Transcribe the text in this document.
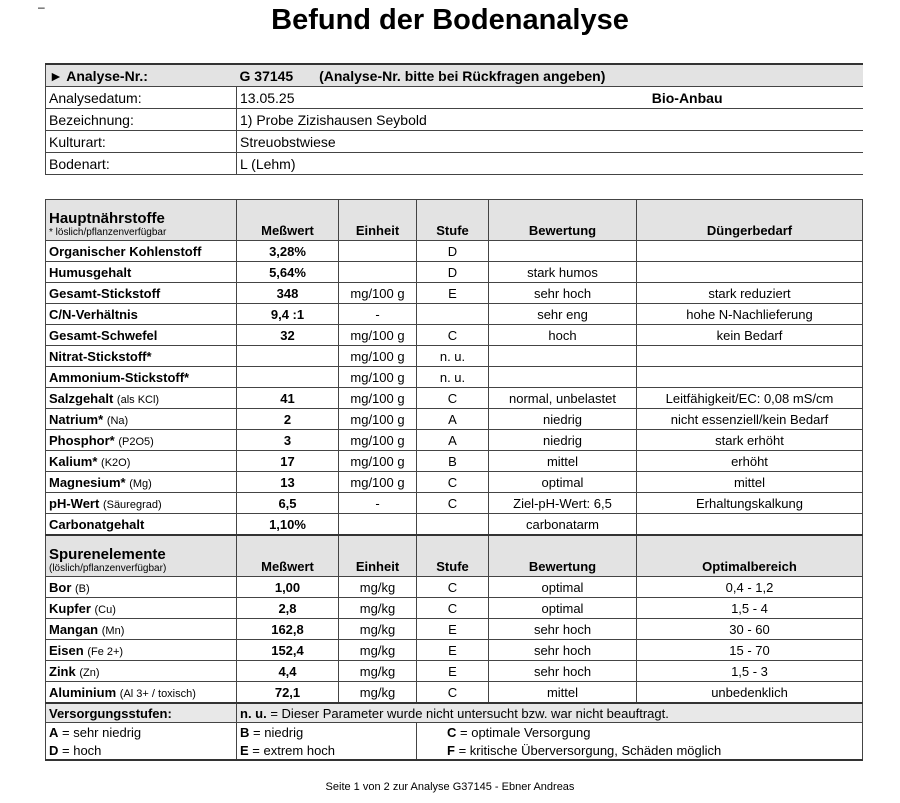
–	Befund der Bodenanalyse
► Analyse-Nr.:	G 37145 (Analyse-Nr. bitte bei Rückfragen angeben)	
Analysedatum:	13.05.25	Bio-Anbau
Bezeichnung:	1) Probe Zizishausen Seybold	
Kulturart:	Streuobstwiese	
Bodenart:	L (Lehm)	
Hauptnährstoffe
* löslich/pflanzenverfügbar	Meßwert	Einheit	Stufe	Bewertung	Düngerbedarf
Organischer Kohlenstoff	3,28%		D		
Humusgehalt	5,64%		D	stark humos	
Gesamt-Stickstoff	348	mg/100 g	E	sehr hoch	stark reduziert
C/N-Verhältnis	9,4 :1	-		sehr eng	hohe N-Nachlieferung
Gesamt-Schwefel	32	mg/100 g	C	hoch	kein Bedarf
Nitrat-Stickstoff*		mg/100 g	n. u.		
Ammonium-Stickstoff*		mg/100 g	n. u.		
Salzgehalt (als KCl)	41	mg/100 g	C	normal, unbelastet	Leitfähigkeit/EC: 0,08 mS/cm
Natrium* (Na)	2	mg/100 g	A	niedrig	nicht essenziell/kein Bedarf
Phosphor* (P2O5)	3	mg/100 g	A	niedrig	stark erhöht
Kalium* (K2O)	17	mg/100 g	B	mittel	erhöht
Magnesium* (Mg)	13	mg/100 g	C	optimal	mittel
pH-Wert (Säuregrad)	6,5	-	C	Ziel-pH-Wert: 6,5	Erhaltungskalkung
Carbonatgehalt	1,10%			carbonatarm	

Spurenelemente
(löslich/pflanzenverfügbar)	Meßwert	Einheit	Stufe	Bewertung	Optimalbereich
Bor (B)	1,00	mg/kg	C	optimal	0,4 - 1,2
Kupfer (Cu)	2,8	mg/kg	C	optimal	1,5 - 4
Mangan (Mn)	162,8	mg/kg	E	sehr hoch	30 - 60
Eisen (Fe 2+)	152,4	mg/kg	E	sehr hoch	15 - 70
Zink (Zn)	4,4	mg/kg	E	sehr hoch	1,5 - 3
Aluminium (Al 3+ / toxisch)	72,1	mg/kg	C	mittel	unbedenklich
Versorgungsstufen:	n. u. = Dieser Parameter wurde nicht untersucht bzw. war nicht beauftragt.				
A = sehr niedrig	B = niedrig		C = optimale Versorgung		
D = hoch	E = extrem hoch		F = kritische Überversorgung, Schäden möglich		
Seite 1 von 2 zur Analyse G37145 - Ebner Andreas
